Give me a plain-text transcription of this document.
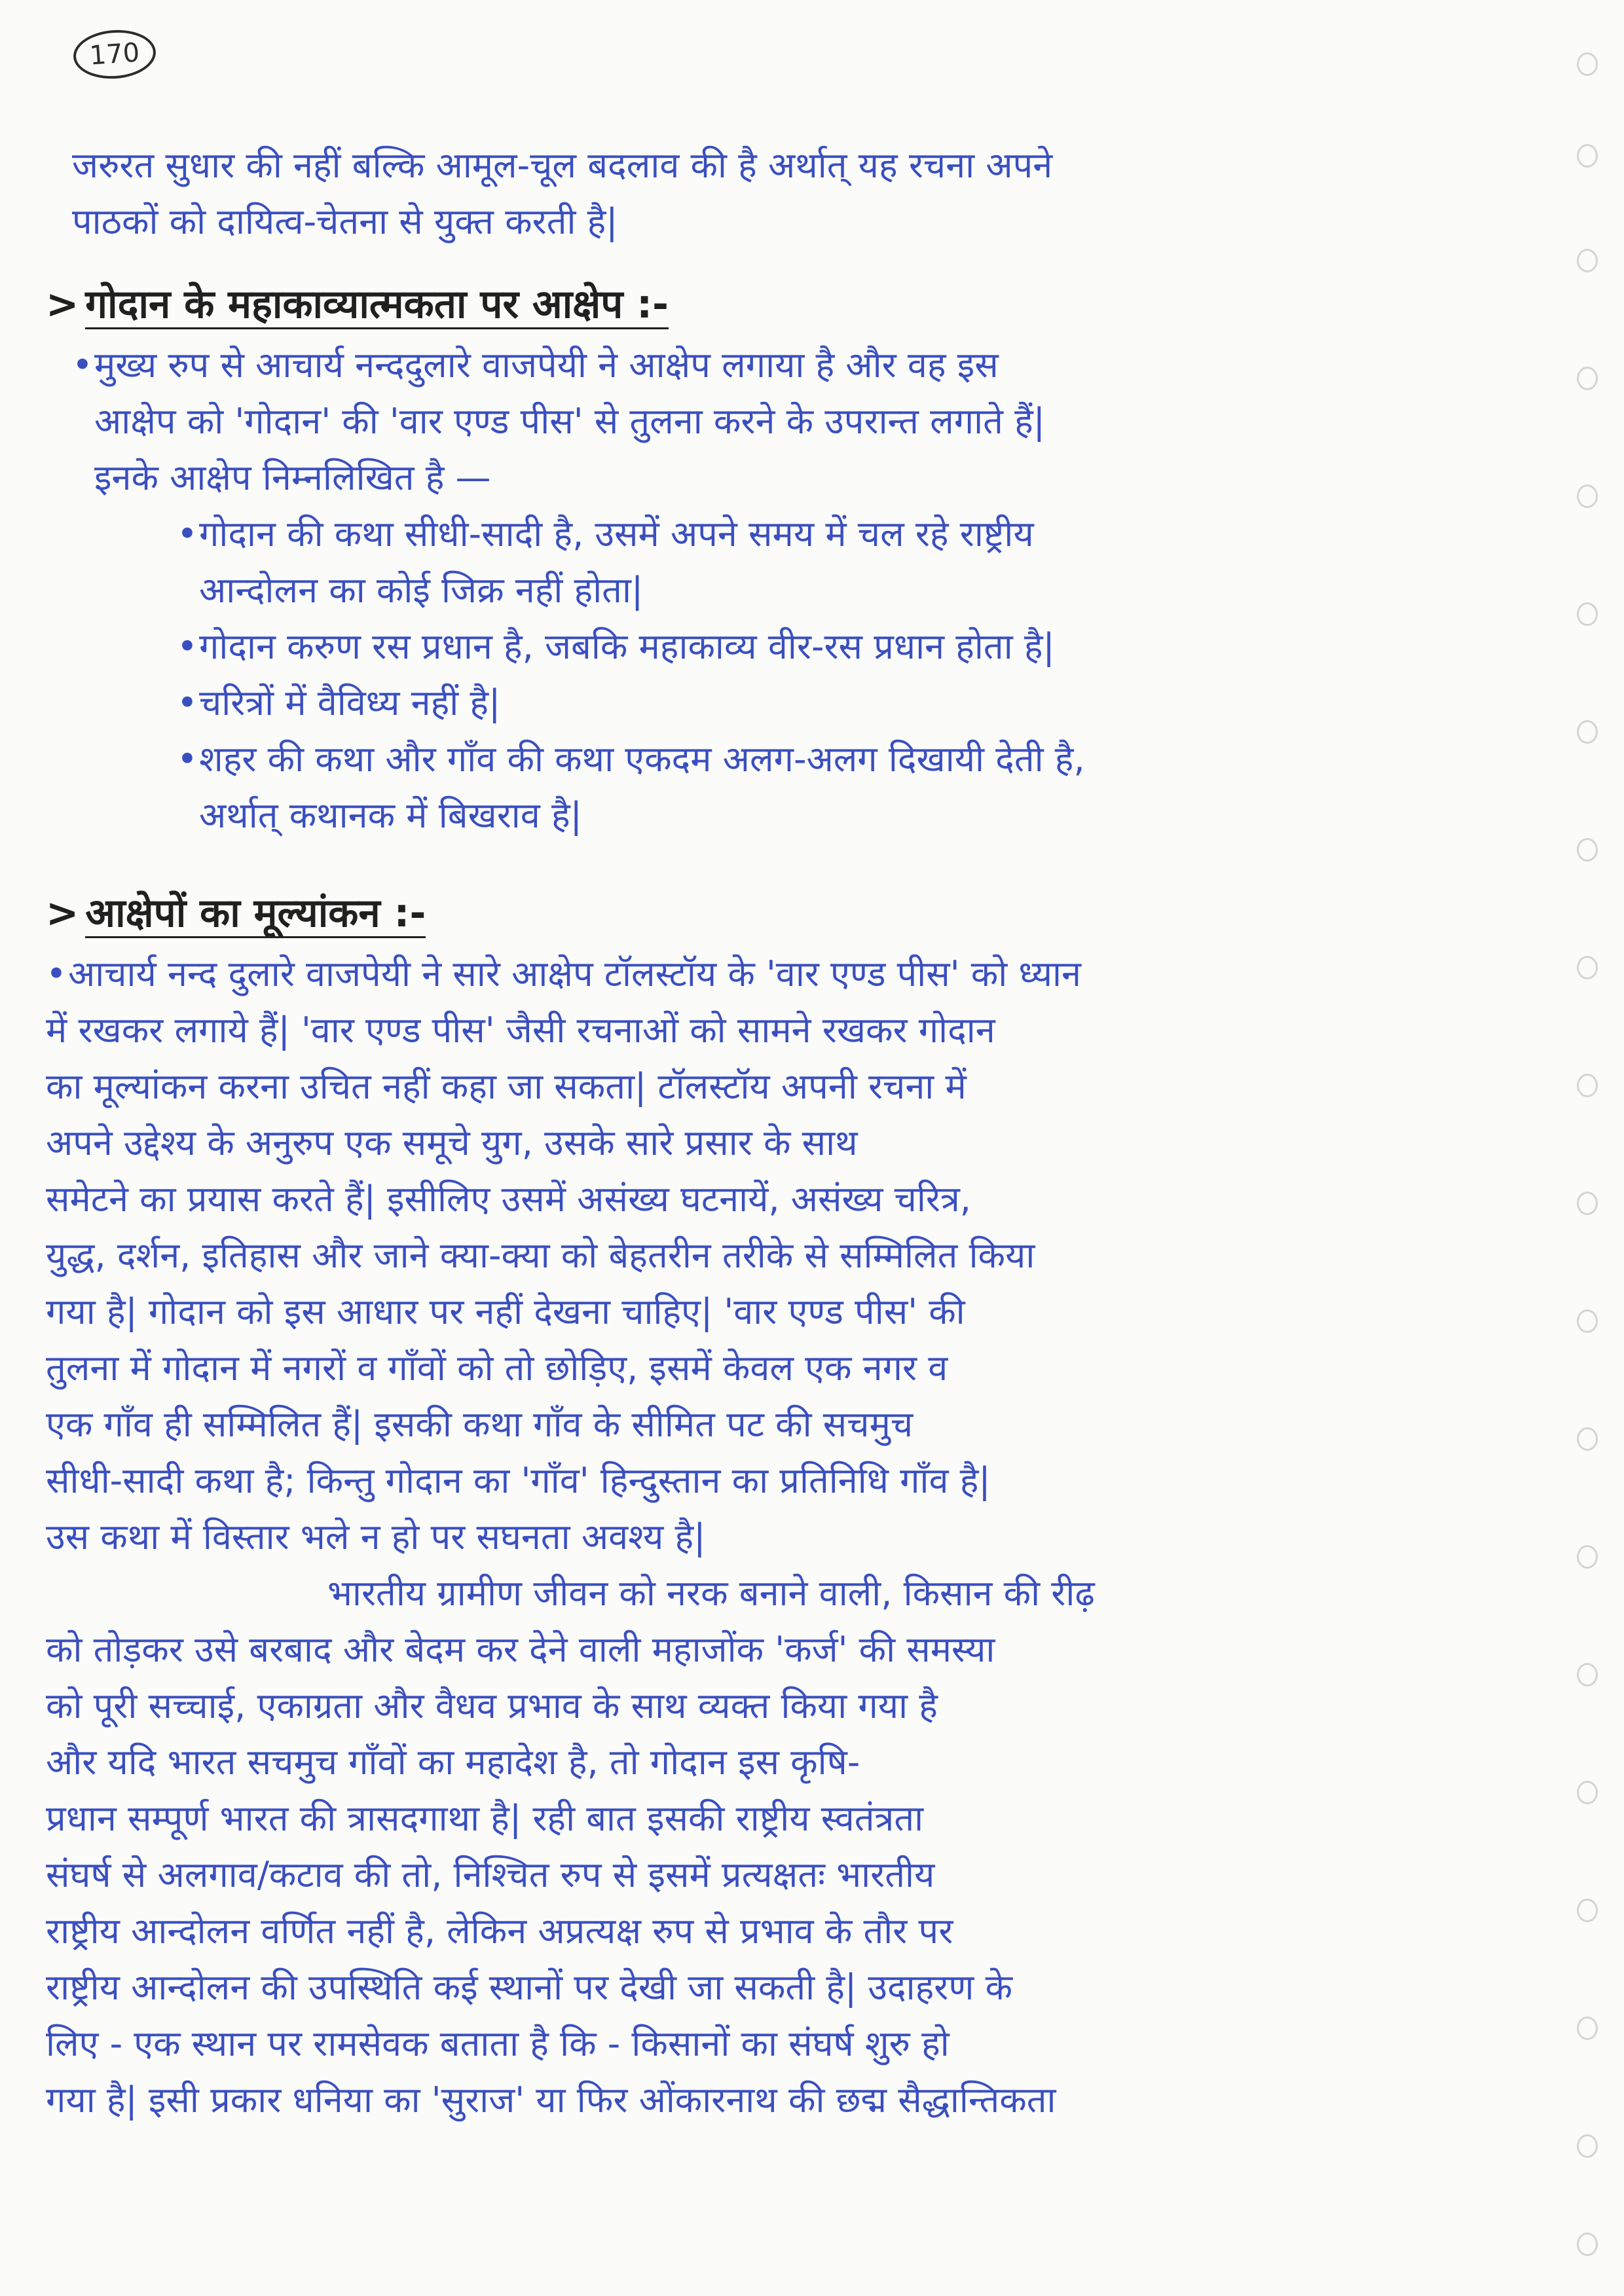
170
जरुरत सुधार की नहीं बल्कि आमूल-चूल बदलाव की है अर्थात् यह रचना अपने
पाठकों को दायित्व-चेतना से युक्त करती है|
> गोदान के महाकाव्यात्मकता पर आक्षेप :-
•मुख्य रुप से आचार्य नन्ददुलारे वाजपेयी ने आक्षेप लगाया है और वह इस
आक्षेप को 'गोदान' की 'वार एण्ड पीस' से तुलना करने के उपरान्त लगाते हैं|
इनके आक्षेप निम्नलिखित है —
•गोदान की कथा सीधी-सादी है, उसमें अपने समय में चल रहे राष्ट्रीय
आन्दोलन का कोई जिक्र नहीं होता|
•गोदान करुण रस प्रधान है, जबकि महाकाव्य वीर-रस प्रधान होता है|
•चरित्रों में वैविध्य नहीं है|
•शहर की कथा और गाँव की कथा एकदम अलग-अलग दिखायी देती है,
अर्थात् कथानक में बिखराव है|
> आक्षेपों का मूल्यांकन :-
•आचार्य नन्द दुलारे वाजपेयी ने सारे आक्षेप टॉलस्टॉय के 'वार एण्ड पीस' को ध्यान
में रखकर लगाये हैं| 'वार एण्ड पीस' जैसी रचनाओं को सामने रखकर गोदान
का मूल्यांकन करना उचित नहीं कहा जा सकता| टॉलस्टॉय अपनी रचना में
अपने उद्देश्य के अनुरुप एक समूचे युग, उसके सारे प्रसार के साथ
समेटने का प्रयास करते हैं| इसीलिए उसमें असंख्य घटनायें, असंख्य चरित्र,
युद्ध, दर्शन, इतिहास और जाने क्या-क्या को बेहतरीन तरीके से सम्मिलित किया
गया है| गोदान को इस आधार पर नहीं देखना चाहिए| 'वार एण्ड पीस' की
तुलना में गोदान में नगरों व गाँवों को तो छोड़िए, इसमें केवल एक नगर व
एक गाँव ही सम्मिलित हैं| इसकी कथा गाँव के सीमित पट की सचमुच
सीधी-सादी कथा है; किन्तु गोदान का 'गाँव' हिन्दुस्तान का प्रतिनिधि गाँव है|
उस कथा में विस्तार भले न हो पर सघनता अवश्य है|
भारतीय ग्रामीण जीवन को नरक बनाने वाली, किसान की रीढ़
को तोड़कर उसे बरबाद और बेदम कर देने वाली महाजोंक 'कर्ज' की समस्या
को पूरी सच्चाई, एकाग्रता और वैधव प्रभाव के साथ व्यक्त किया गया है
और यदि भारत सचमुच गाँवों का महादेश है, तो गोदान इस कृषि-
प्रधान सम्पूर्ण भारत की त्रासदगाथा है| रही बात इसकी राष्ट्रीय स्वतंत्रता
संघर्ष से अलगाव/कटाव की तो, निश्चित रुप से इसमें प्रत्यक्षतः भारतीय
राष्ट्रीय आन्दोलन वर्णित नहीं है, लेकिन अप्रत्यक्ष रुप से प्रभाव के तौर पर
राष्ट्रीय आन्दोलन की उपस्थिति कई स्थानों पर देखी जा सकती है| उदाहरण के
लिए - एक स्थान पर रामसेवक बताता है कि - किसानों का संघर्ष शुरु हो
गया है| इसी प्रकार धनिया का 'सुराज' या फिर ओंकारनाथ की छद्म सैद्धान्तिकता
